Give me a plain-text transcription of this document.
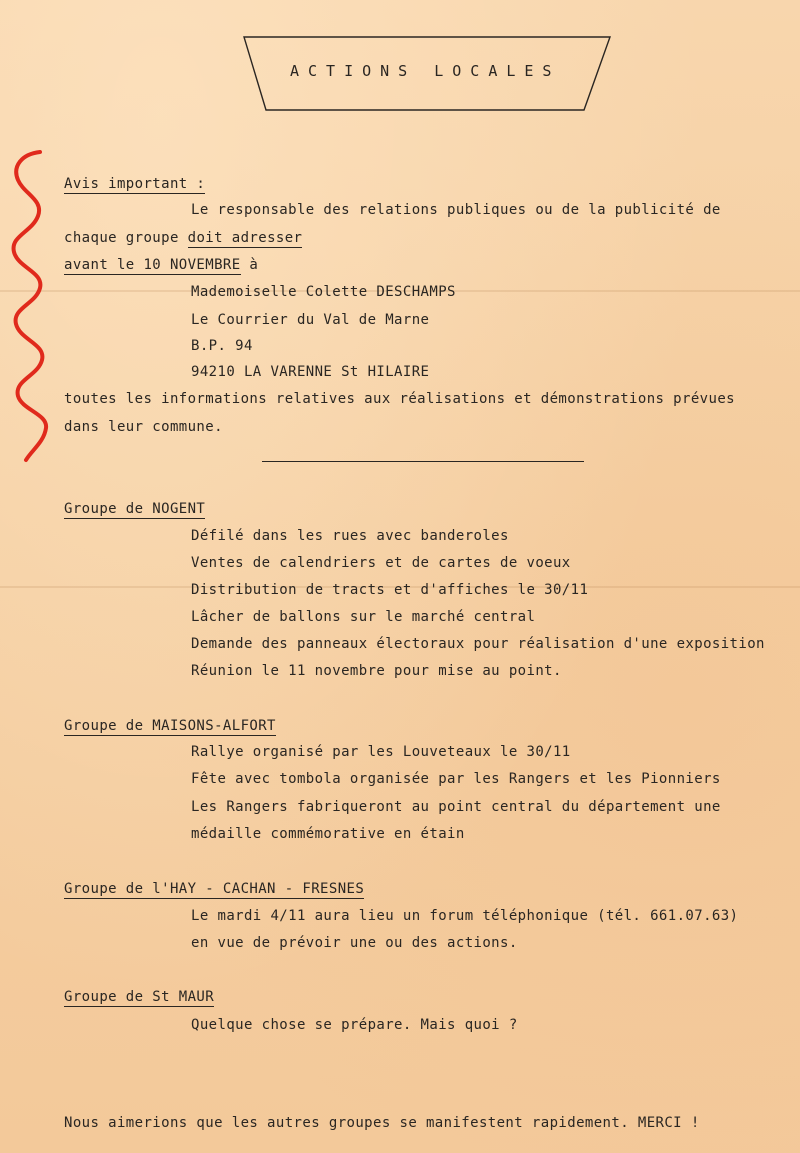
ACTIONS LOCALES
Avis important :
Le responsable des relations publiques ou de la publicité de
chaque groupe doit adresser
avant le 10 NOVEMBRE à
Mademoiselle Colette DESCHAMPS
Le Courrier du Val de Marne
B.P. 94
94210 LA VARENNE St HILAIRE
toutes les informations relatives aux réalisations et démonstrations prévues
dans leur commune.
Groupe de NOGENT
Défilé dans les rues avec banderoles
Ventes de calendriers et de cartes de voeux
Distribution de tracts et d'affiches le 30/11
Lâcher de ballons sur le marché central
Demande des panneaux électoraux pour réalisation d'une exposition
Réunion le 11 novembre pour mise au point.
Groupe de MAISONS-ALFORT
Rallye organisé par les Louveteaux le 30/11
Fête avec tombola organisée par les Rangers et les Pionniers
Les Rangers fabriqueront au point central du département une
médaille commémorative en étain
Groupe de l'HAY - CACHAN - FRESNES
Le mardi 4/11 aura lieu un forum téléphonique (tél. 661.07.63)
en vue de prévoir une ou des actions.
Groupe de St MAUR
Quelque chose se prépare. Mais quoi ?
Nous aimerions que les autres groupes se manifestent rapidement. MERCI !
